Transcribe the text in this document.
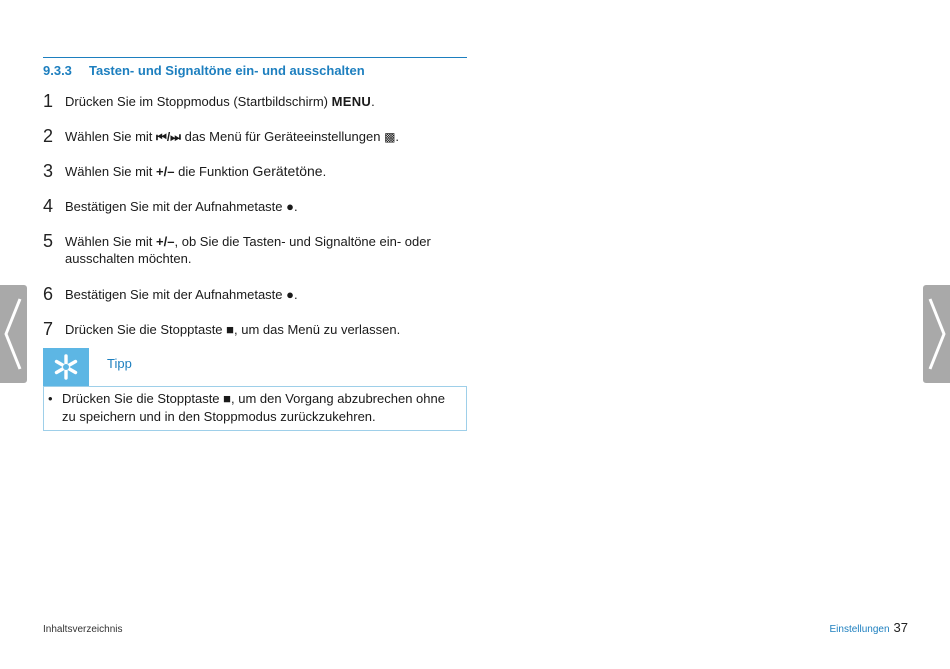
9.3.3 Tasten- und Signaltöne ein- und ausschalten
1 Drücken Sie im Stoppmodus (Startbildschirm) MENU.
2 Wählen Sie mit ⏮/⏭ das Menü für Geräteeinstellungen ▩.
3 Wählen Sie mit +/– die Funktion Gerätetöne.
4 Bestätigen Sie mit der Aufnahmetaste ●.
5 Wählen Sie mit +/–, ob Sie die Tasten- und Signaltöne ein- oder ausschalten möchten.
6 Bestätigen Sie mit der Aufnahmetaste ●.
7 Drücken Sie die Stopptaste ■, um das Menü zu verlassen.
Tipp
• Drücken Sie die Stopptaste ■, um den Vorgang abzubrechen ohne zu speichern und in den Stoppmodus zurückzukehren.
Inhaltsverzeichnis	Einstellungen 37
